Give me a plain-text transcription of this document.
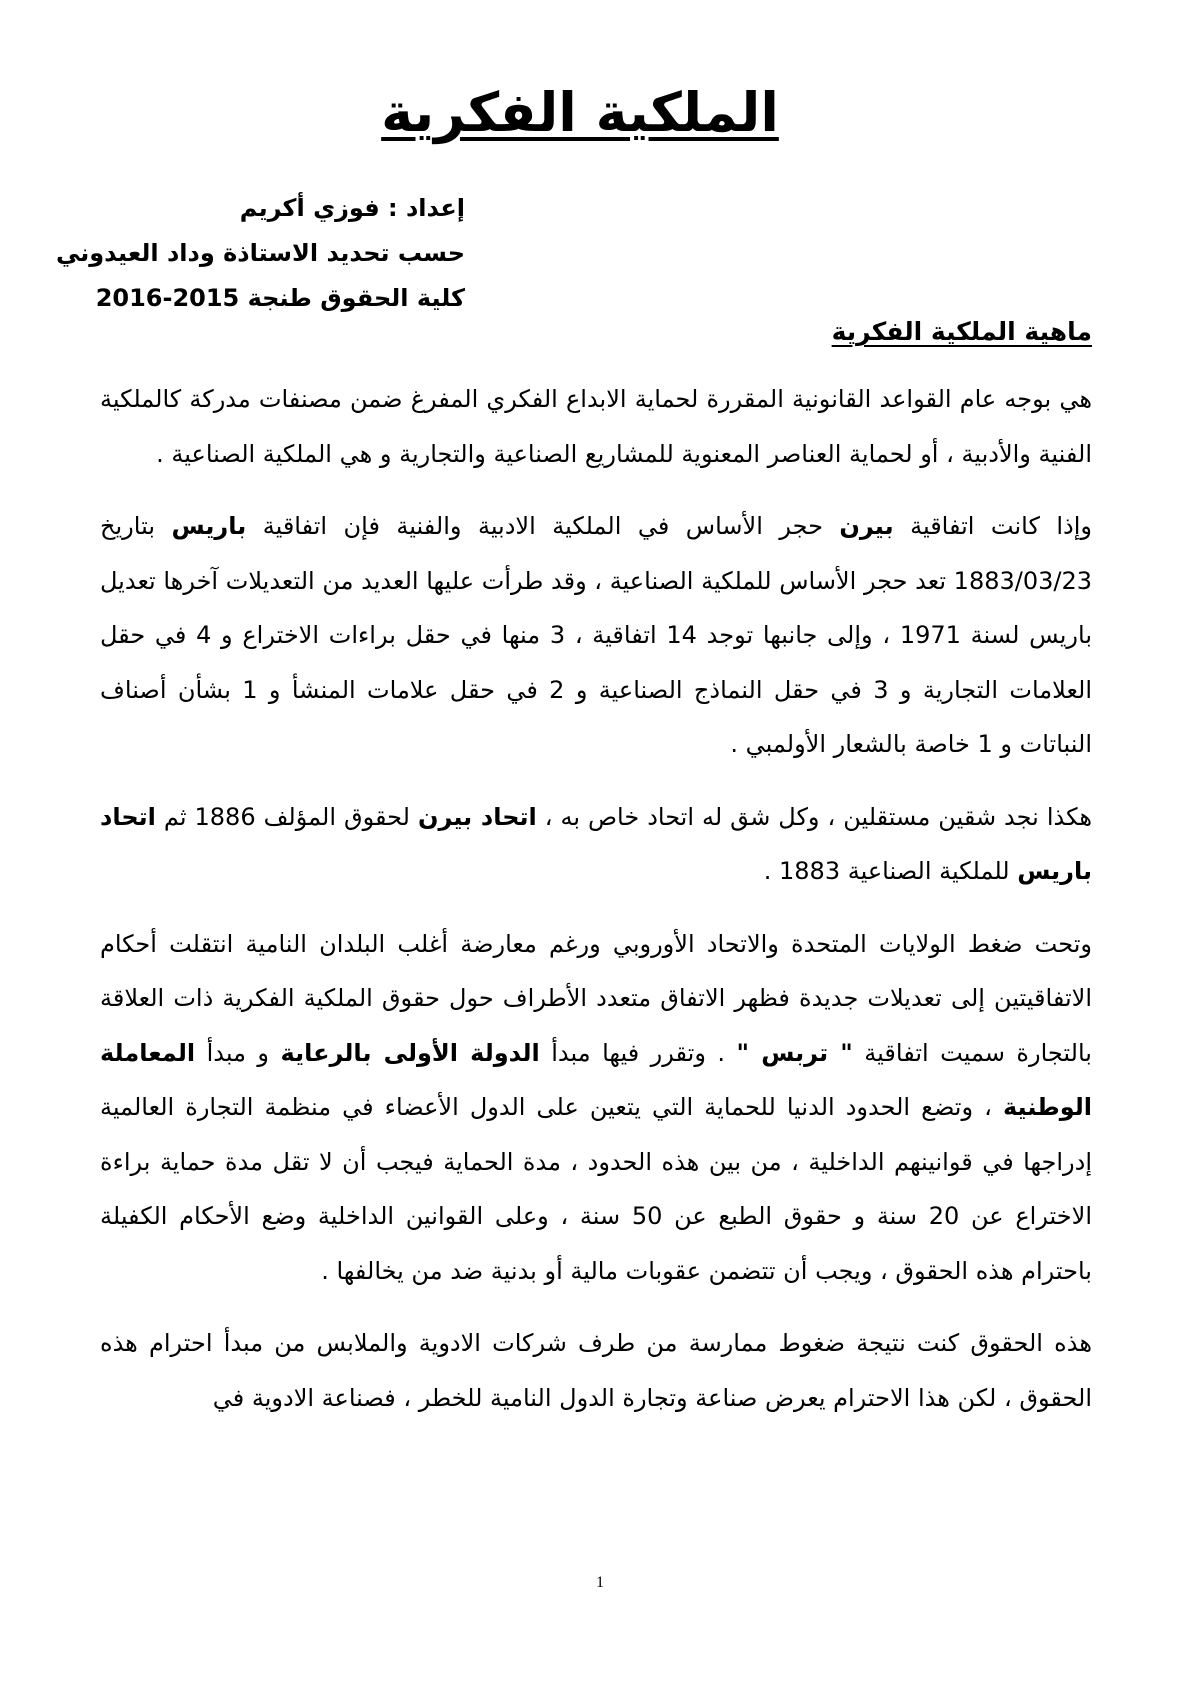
الملكية الفكرية
إعداد : فوزي أكريم
حسب تحديد الاستاذة وداد العيدوني
كلية الحقوق طنجة 2015-2016
ماهية الملكية الفكرية

هي بوجه عام القواعد القانونية المقررة لحماية الابداع الفكري المفرغ ضمن مصنفات مدركة كالملكية الفنية والأدبية ، أو لحماية العناصر المعنوية للمشاريع الصناعية والتجارية و هي الملكية الصناعية .

وإذا كانت اتفاقية بيرن حجر الأساس في الملكية الادبية والفنية فإن اتفاقية باريس بتاريخ 1883/03/23 تعد حجر الأساس للملكية الصناعية ، وقد طرأت عليها العديد من التعديلات آخرها تعديل باريس لسنة 1971 ، وإلى جانبها توجد 14 اتفاقية ، 3 منها في حقل براءات الاختراع و 4 في حقل العلامات التجارية و 3 في حقل النماذج الصناعية و 2 في حقل علامات المنشأ و 1 بشأن أصناف النباتات و 1 خاصة بالشعار الأولمبي .

هكذا نجد شقين مستقلين ، وكل شق له اتحاد خاص به ، اتحاد بيرن لحقوق المؤلف 1886 ثم اتحاد باريس للملكية الصناعية 1883 .

وتحت ضغط الولايات المتحدة والاتحاد الأوروبي ورغم معارضة أغلب البلدان النامية انتقلت أحكام الاتفاقيتين إلى تعديلات جديدة فظهر الاتفاق متعدد الأطراف حول حقوق الملكية الفكرية ذات العلاقة بالتجارة سميت اتفاقية " تربس " . وتقرر فيها مبدأ الدولة الأولى بالرعاية و مبدأ المعاملة الوطنية ، وتضع الحدود الدنيا للحماية التي يتعين على الدول الأعضاء في منظمة التجارة العالمية إدراجها في قوانينهم الداخلية ، من بين هذه الحدود ، مدة الحماية فيجب أن لا تقل مدة حماية براءة الاختراع عن 20 سنة و حقوق الطبع عن 50 سنة ، وعلى القوانين الداخلية وضع الأحكام الكفيلة باحترام هذه الحقوق ، ويجب أن تتضمن عقوبات مالية أو بدنية ضد من يخالفها .

هذه الحقوق كنت نتيجة ضغوط ممارسة من طرف شركات الادوية والملابس من مبدأ احترام هذه الحقوق ، لكن هذا الاحترام يعرض صناعة وتجارة الدول النامية للخطر ، فصناعة الادوية في

1
